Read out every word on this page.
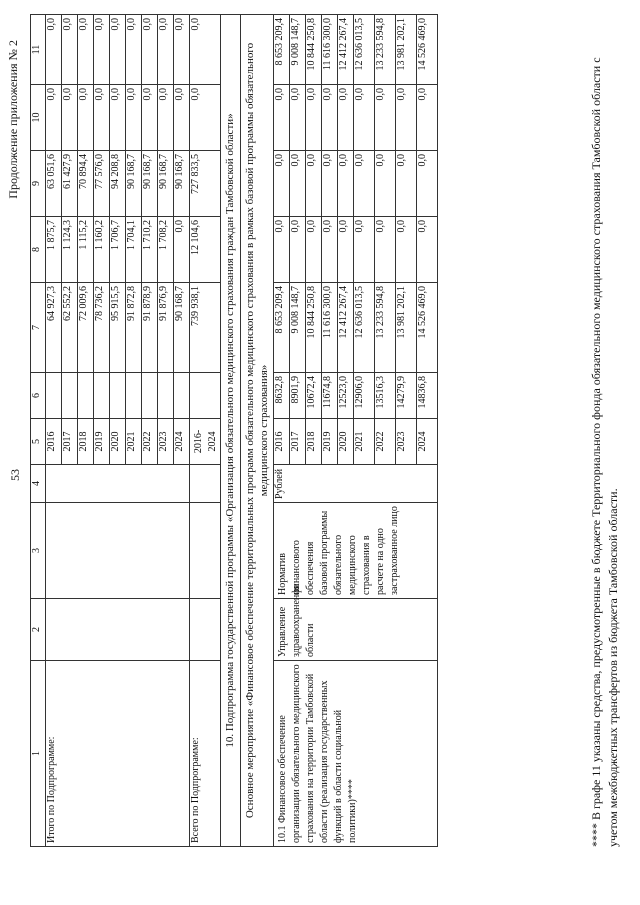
53
Продолжение приложения № 2
1	2	3	4	5	6	7	8	9	10	11
Итого по Подпрограмме:				2016		64 927,3	1 875,7	63 051,6	0,0	0,0
				2017		62 552,2	1 124,3	61 427,9	0,0	0,0
				2018		72 009,6	1 115,2	70 894,4	0,0	0,0
				2019		78 736,2	1 160,2	77 576,0	0,0	0,0
				2020		95 915,5	1 706,7	94 208,8	0,0	0,0
				2021		91 872,8	1 704,1	90 168,7	0,0	0,0
				2022		91 878,9	1 710,2	90 168,7	0,0	0,0
				2023		91 876,9	1 708,2	90 168,7	0,0	0,0
				2024		90 168,7	0,0	90 168,7	0,0	0,0
Всего по Подпрограмме:				2016-2024		739 938,1	12 104,6	727 833,5	0,0	0,0
10. Подпрограмма государственной программы «Организация обязательного медицинского страхования граждан Тамбовской области»										
Основное мероприятие «Финансовое обеспечение территориальных программ обязательного медицинского страхования в рамках базовой программы обязательного медицинского страхования»										
10.1 Финансовое обеспечение организации обязательного медицинского страхования на территории Тамбовской области (реализация государственных функций в области социальной политики)****	Управление здравоохранения области	Норматив финансового обеспечения базовой программы обязательного медицинского страхования в расчете на одно застрахованное лицо	Рублей	2016	8632,8	8 653 209,4	0,0	0,0	0,0	8 653 209,4
				2017	8901,9	9 008 148,7	0,0	0,0	0,0	9 008 148,7
				2018	10672,4	10 844 250,8	0,0	0,0	0,0	10 844 250,8
				2019	11674,8	11 616 300,0	0,0	0,0	0,0	11 616 300,0
				2020	12523,0	12 412 267,4	0,0	0,0	0,0	12 412 267,4
				2021	12906,0	12 636 013,5	0,0	0,0	0,0	12 636 013,5
				2022	13516,3	13 233 594,8	0,0	0,0	0,0	13 233 594,8
				2023	14279,9	13 981 202,1	0,0	0,0	0,0	13 981 202,1
				2024	14836,8	14 526 469,0	0,0	0,0	0,0	14 526 469,0
**** В графе 11 указаны средства, предусмотренные в бюджете Территориального фонда обязательного медицинского страхования Тамбовской области с учетом межбюджетных трансфертов из бюджета Тамбовской области.
